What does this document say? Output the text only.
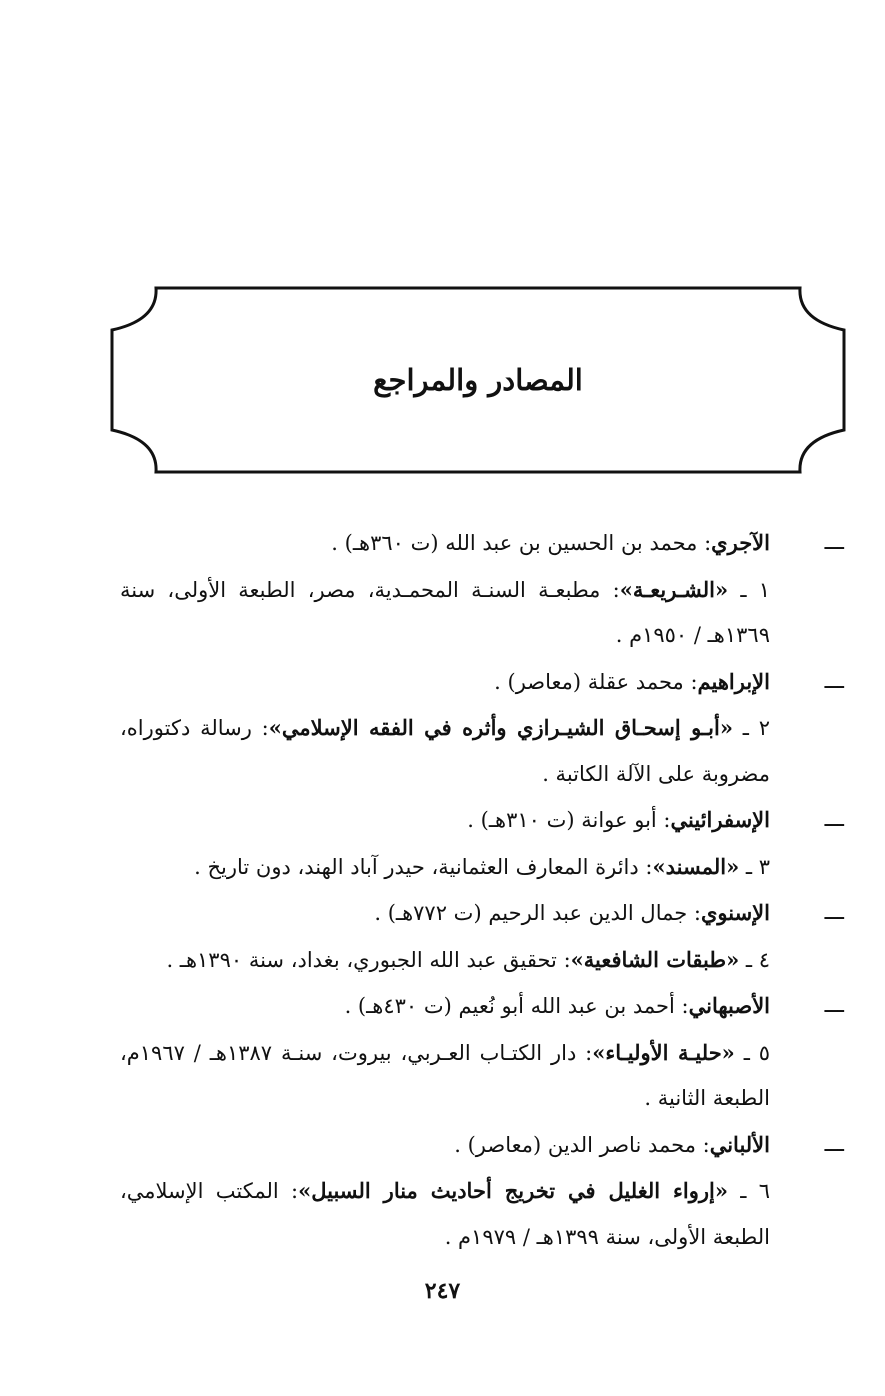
المصادر والمراجع
ـــ
الآجري: محمد بن الحسين بن عبد الله (ت ٣٦٠هـ) .
١ ـ «الشـريعـة»: مطبعـة السنـة المحمـدية، مصر، الطبعة الأولى، سنة ١٣٦٩هـ / ١٩٥٠م .
ـــ
الإبراهيم: محمد عقلة (معاصر) .
٢ ـ «أبـو إسحـاق الشيـرازي وأثره في الفقه الإسلامي»: رسالة دكتوراه، مضروبة على الآلة الكاتبة .
ـــ
الإسفرائيني: أبو عوانة (ت ٣١٠هـ) .
٣ ـ «المسند»: دائرة المعارف العثمانية، حيدر آباد الهند، دون تاريخ .
ـــ
الإسنوي: جمال الدين عبد الرحيم (ت ٧٧٢هـ) .
٤ ـ «طبقات الشافعية»: تحقيق عبد الله الجبوري، بغداد، سنة ١٣٩٠هـ .
ـــ
الأصبهاني: أحمد بن عبد الله أبو نُعيم (ت ٤٣٠هـ) .
٥ ـ «حليـة الأوليـاء»: دار الكتـاب العـربي، بيروت، سنـة ١٣٨٧هـ / ١٩٦٧م، الطبعة الثانية .
ـــ
الألباني: محمد ناصر الدين (معاصر) .
٦ ـ «إرواء الغليل في تخريج أحاديث منار السبيل»: المكتب الإسلامي، الطبعة الأولى، سنة ١٣٩٩هـ / ١٩٧٩م .
٢٤٧
